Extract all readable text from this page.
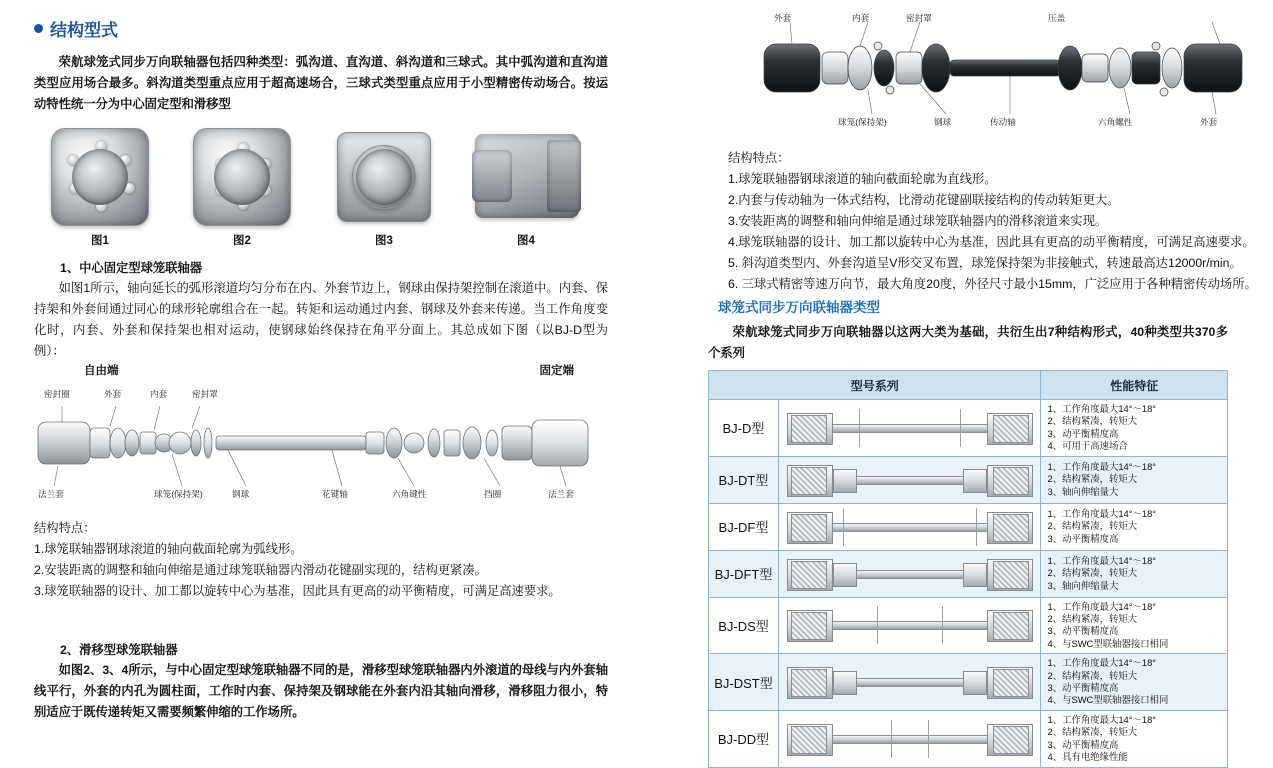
结构型式
荣航球笼式同步万向联轴器包括四种类型：弧沟道、直沟道、斜沟道和三球式。其中弧沟道和直沟道类型应用场合最多。斜沟道类型重点应用于超高速场合，三球式类型重点应用于小型精密传动场合。按运动特性统一分为中心固定型和滑移型
图1	图2	图3	图4
1、中心固定型球笼联轴器
如图1所示，轴向延长的弧形滚道均匀分布在内、外套节边上，钢球由保持架控制在滚道中。内套、保持架和外套间通过同心的球形轮廓组合在一起。转矩和运动通过内套、钢球及外套来传递。当工作角度变化时，内套、外套和保持架也相对运动，使钢球始终保持在角平分面上。其总成如下图（以BJ-D型为例）：
自由端	固定端
密封圈	外套	内套	密封罩
法兰套	球笼(保持架)	钢球	花键轴	六角键性	挡圈	法兰套
结构特点：
1.球笼联轴器钢球滚道的轴向截面轮廓为弧线形。
2.安装距离的调整和轴向伸缩是通过球笼联轴器内滑动花键副实现的，结构更紧凑。
3.球笼联轴器的设计、加工都以旋转中心为基准，因此具有更高的动平衡精度，可满足高速要求。
2、滑移型球笼联轴器
如图2、3、4所示，与中心固定型球笼联轴器不同的是，滑移型球笼联轴器内外滚道的母线与内外套轴线平行，外套的内孔为圆柱面，工作时内套、保持架及钢球能在外套内沿其轴向滑移，滑移阻力很小，特别适应于既传递转矩又需要频繁伸缩的工作场所。
外套	内套	密封罩	压盖
球笼(保持架)	钢球	传动轴	六角螺性	外套
结构特点：
1.球笼联轴器钢球滚道的轴向截面轮廓为直线形。
2.内套与传动轴为一体式结构，比滑动花键副联接结构的传动转矩更大。
3.安装距离的调整和轴向伸缩是通过球笼联轴器内的滑移滚道来实现。
4.球笼联轴器的设计、加工都以旋转中心为基准，因此具有更高的动平衡精度，可满足高速要求。
5. 斜沟道类型内、外套沟道呈V形交叉布置，球笼保持架为非接触式，转速最高达12000r/min。
6. 三球式精密等速万向节，最大角度20度，外径尺寸最小15mm，广泛应用于各种精密传动场所。
球笼式同步万向联轴器类型
荣航球笼式同步万向联轴器以这两大类为基础，共衍生出7种结构形式，40种类型共370多个系列
型号系列		性能特征
BJ-D型		1、工作角度最大14°～18°
2、结构紧凑，转矩大
3、动平衡精度高
4、可用于高速场合

BJ-DT型		1、工作角度最大14°～18°
2、结构紧凑，转矩大
3、轴向伸缩量大

BJ-DF型		1、工作角度最大14°～18°
2、结构紧凑，转矩大
3、动平衡精度高

BJ-DFT型		1、工作角度最大14°～18°
2、结构紧凑，转矩大
3、轴向伸缩量大

BJ-DS型		1、工作角度最大14°～18°
2、结构紧凑，转矩大
3、动平衡精度高
4、与SWC型联轴器接口相同

BJ-DST型		1、工作角度最大14°～18°
2、结构紧凑，转矩大
3、动平衡精度高
4、与SWC型联轴器接口相同

BJ-DD型		1、工作角度最大14°～18°
2、结构紧凑，转矩大
3、动平衡精度高
4、具有电绝缘性能
